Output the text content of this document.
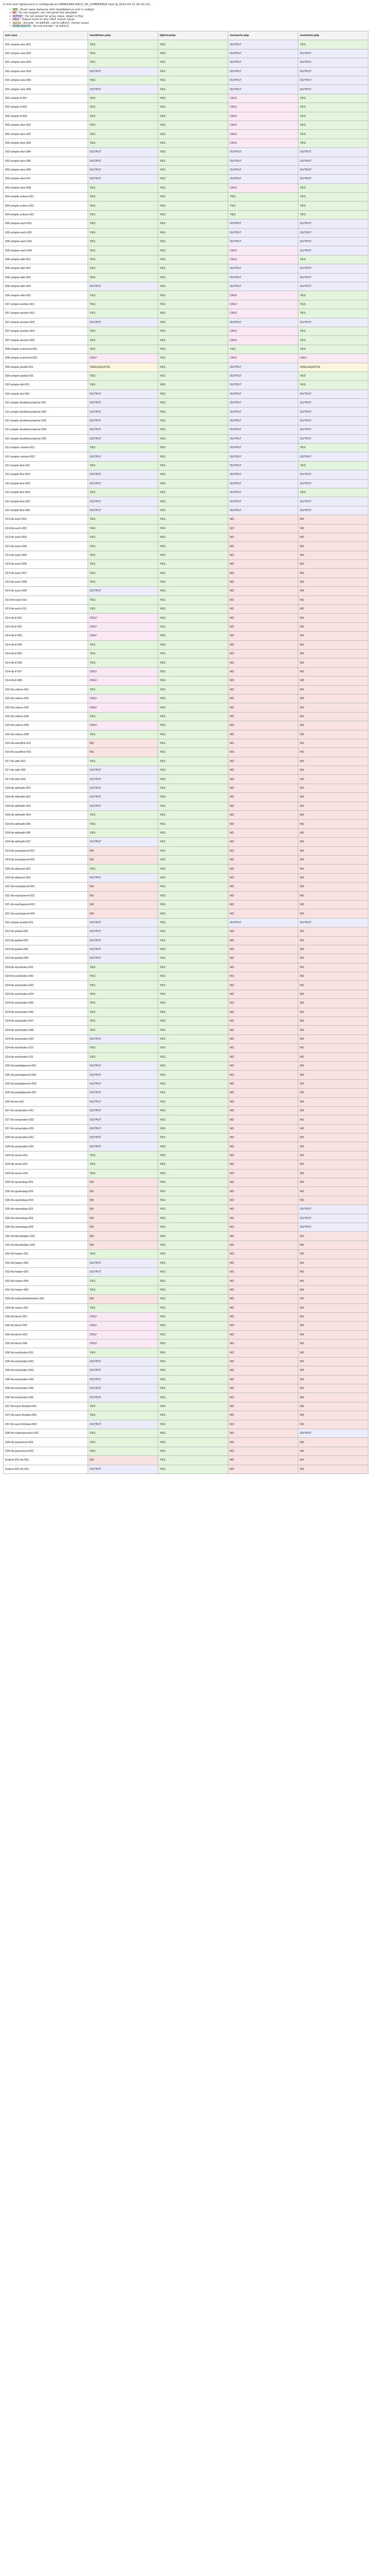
In this test lightly.ascii is configured as HANDLERS.ASCII_US_COMPATIBLE (last @ 2022-03-21 05:20:12)
• YES : Exact same behavior with handlebars.js (not in nodejs)
• NO : Do not support; can not parse the template
• OUTPUT : Do not output for array value, object is fine
• CRLF : Output more or less CRLF (minor issue)
• quote : Encode ' to &#039;, not to &#x27; (minor issue)
• DOUBLEQUOTE : Do not encode " to &#x22;
test case	handlebars.php	lightncandy	mustache.php	mustache.php
001-simple-vars-001	YES	YES	OUTPUT	YES
001-simple-vars-002	YES	YES	OUTPUT	OUTPUT
001-simple-vars-003	YES	YES	OUTPUT	OUTPUT
001-simple-vars-004	OUTPUT	YES	OUTPUT	OUTPUT
001-simple-vars-005	YES	YES	OUTPUT	OUTPUT
001-simple-vars-006	OUTPUT	YES	OUTPUT	OUTPUT
002-simple-if-001	YES	YES	CRLF	YES
002-simple-if-002	YES	YES	CRLF	YES
002-simple-if-003	YES	YES	CRLF	YES
003-simple-else-001	YES	YES	CRLF	YES
003-simple-else-002	YES	YES	CRLF	YES
003-simple-else-003	YES	YES	CRLF	YES
003-simple-else-004	OUTPUT	YES	OUTPUT	OUTPUT
003-simple-else-005	OUTPUT	YES	OUTPUT	OUTPUT
003-simple-else-006	OUTPUT	YES	OUTPUT	OUTPUT
003-simple-else-007	OUTPUT	YES	OUTPUT	OUTPUT
003-simple-else-008	YES	YES	CRLF	YES
004-simple-unless-001	YES	YES	YES	YES
004-simple-unless-002	YES	YES	YES	YES
004-simple-unless-003	YES	YES	YES	YES
005-simple-each-001	YES	YES	OUTPUT	OUTPUT
005-simple-each-002	YES	YES	OUTPUT	OUTPUT
005-simple-each-003	YES	YES	OUTPUT	OUTPUT
005-simple-each-004	YES	YES	CRLF	OUTPUT
006-simple-with-001	YES	YES	CRLF	YES
006-simple-with-002	YES	YES	OUTPUT	OUTPUT
006-simple-with-003	YES	YES	OUTPUT	OUTPUT
006-simple-with-004	OUTPUT	YES	OUTPUT	OUTPUT
006-simple-with-005	YES	YES	CRLF	YES
007-simple-section-001	YES	YES	CRLF	YES
007-simple-section-002	YES	YES	CRLF	YES
007-simple-section-003	OUTPUT	YES	OUTPUT	OUTPUT
007-simple-section-004	YES	YES	CRLF	YES
007-simple-section-005	YES	YES	CRLF	YES
008-simple-comment-001	YES	YES	YES	YES
008-simple-comment-002	CRLF	YES	CRLF	CRLF
009-simple-partial-001	SINGLEQUOTE	YES	OUTPUT	SINGLEQUOTE
009-simple-partial-002	YES	YES	OUTPUT	YES
010-simple-dot-001	YES	YES	OUTPUT	YES
010-simple-dot-002	OUTPUT	YES	OUTPUT	OUTPUT
011-simple-doublemustache-001	OUTPUT	YES	OUTPUT	OUTPUT
011-simple-doublemustache-002	OUTPUT	YES	OUTPUT	OUTPUT
011-simple-doublemustache-003	OUTPUT	YES	OUTPUT	OUTPUT
011-simple-doublemustache-004	OUTPUT	YES	OUTPUT	OUTPUT
011-simple-doublemustache-005	OUTPUT	YES	OUTPUT	OUTPUT
012-simple-context-001	YES	YES	OUTPUT	YES
012-simple-context-002	OUTPUT	YES	OUTPUT	OUTPUT
012-simple-this-001	YES	YES	OUTPUT	YES
012-simple-this-002	OUTPUT	YES	OUTPUT	OUTPUT
012-simple-this-003	OUTPUT	YES	OUTPUT	OUTPUT
012-simple-this-004	YES	YES	OUTPUT	YES
012-simple-this-005	OUTPUT	YES	OUTPUT	OUTPUT
012-simple-this-006	OUTPUT	YES	OUTPUT	OUTPUT
013-hb-each-001	YES	YES	NO	NO
013-hb-each-002	YES	YES	NO	NO
013-hb-each-003	YES	YES	NO	NO
013-hb-each-004	YES	YES	NO	NO
013-hb-each-005	YES	YES	NO	NO
013-hb-each-006	YES	YES	NO	NO
013-hb-each-007	YES	YES	NO	NO
013-hb-each-008	YES	YES	NO	NO
013-hb-each-009	OUTPUT	YES	NO	NO
013-hb-each-010	YES	YES	NO	NO
013-hb-each-011	YES	YES	NO	NO
014-hb-if-001	CRLF	YES	NO	NO
014-hb-if-002	CRLF	YES	NO	NO
014-hb-if-003	CRLF	YES	NO	NO
014-hb-if-004	YES	YES	NO	NO
014-hb-if-005	YES	YES	NO	NO
014-hb-if-006	YES	YES	NO	NO
014-hb-if-007	CRLF	YES	NO	NO
014-hb-if-008	CRLF	YES	NO	NO
015-hb-unless-001	YES	YES	NO	NO
015-hb-unless-002	CRLF	YES	NO	NO
015-hb-unless-003	CRLF	YES	NO	NO
015-hb-unless-004	YES	YES	NO	NO
015-hb-unless-005	CRLF	YES	NO	NO
015-hb-unless-006	YES	YES	NO	NO
016-hb-eachthis-001	NO	YES	NO	NO
016-hb-eachthis-002	NO	YES	NO	NO
017-hb-with-001	YES	YES	NO	NO
017-hb-with-002	OUTPUT	YES	NO	NO
017-hb-with-003	OUTPUT	YES	NO	NO
018-hb-withwith-001	OUTPUT	YES	NO	NO
018-hb-withwith-002	OUTPUT	YES	NO	NO
018-hb-withwith-003	OUTPUT	YES	NO	NO
018-hb-withwith-004	YES	YES	NO	NO
018-hb-withwith-005	YES	YES	NO	NO
018-hb-withwith-006	YES	YES	NO	NO
018-hb-withwith-007	OUTPUT	YES	NO	NO
019-hb-eachparent-001	NO	YES	NO	NO
019-hb-eachparent-002	NO	YES	NO	NO
020-hb-doteach-001	YES	YES	NO	NO
020-hb-doteach-002	OUTPUT	YES	NO	NO
021-hb-eachparent-001	NO	YES	NO	NO
021-hb-eachparent-002	NO	YES	NO	NO
021-hb-eachparent-003	NO	YES	NO	NO
021-hb-eachparent-004	NO	YES	NO	NO
022-simple-partial-001	OUTPUT	YES	OUTPUT	OUTPUT
022-hb-partial-001	OUTPUT	YES	NO	NO
022-hb-partial-002	OUTPUT	YES	NO	NO
022-hb-partial-003	OUTPUT	YES	NO	NO
022-hb-partial-004	OUTPUT	YES	NO	NO
024-hb-eachindex-001	YES	YES	NO	NO
024-hb-eachindex-002	YES	YES	NO	NO
024-hb-eachindex-003	YES	YES	NO	NO
024-hb-eachindex-004	YES	YES	NO	NO
024-hb-eachindex-005	YES	YES	NO	NO
024-hb-eachindex-006	YES	YES	NO	NO
024-hb-eachindex-007	YES	YES	NO	NO
024-hb-eachindex-008	YES	YES	NO	NO
024-hb-eachindex-009	OUTPUT	YES	NO	NO
024-hb-eachindex-010	YES	YES	NO	NO
024-hb-eachindex-011	YES	YES	NO	NO
025-hb-partialparent-001	OUTPUT	YES	NO	NO
025-hb-partialparent-002	OUTPUT	YES	NO	NO
025-hb-partialparent-003	OUTPUT	YES	NO	NO
026-hb-partialparam-001	OUTPUT	YES	NO	NO
026-hb-len-001	OUTPUT	YES	NO	NO
027-hb-arrayindex-001	OUTPUT	YES	NO	NO
027-hb-arrayindex-002	OUTPUT	YES	NO	NO
027-hb-arrayindex-003	OUTPUT	YES	NO	NO
028-hb-arrayindex-001	OUTPUT	YES	NO	NO
028-hb-arrayindex-002	OUTPUT	YES	NO	NO
029-hb-arrow-001	YES	YES	NO	NO
029-hb-arrow-002	YES	YES	NO	NO
029-hb-arrow-003	YES	YES	NO	NO
030-hb-quotedarg-001	NO	YES	NO	NO
030-hb-quotedarg-002	NO	YES	NO	NO
030-hb-quotedarg-003	NO	YES	NO	NO
030-hb-namedarg-001	NO	YES	NO	OUTPUT
030-hb-namedarg-002	NO	YES	NO	OUTPUT
030-hb-namedarg-003	NO	YES	NO	OUTPUT
031-hb-blockhelper-001	NO	YES	NO	NO
031-hb-blockhelper-002	NO	YES	NO	NO
032-hb-helper-001	YES	YES	NO	NO
032-hb-helper-002	OUTPUT	YES	NO	NO
032-hb-helper-003	OUTPUT	YES	NO	NO
032-hb-helper-004	YES	YES	NO	NO
032-hb-helper-005	YES	YES	NO	NO
033-hb-extendeddelimiters-001	NO	YES	NO	NO
034-hb-noesc-001	YES	YES	NO	NO
035-hb-block-001	CRLF	YES	NO	NO
035-hb-block-002	CRLF	YES	NO	NO
035-hb-block-003	CRLF	YES	NO	NO
035-hb-block-004	CRLF	YES	NO	NO
036-hb-eachindex-001	YES	YES	NO	NO
036-hb-eachindex-002	OUTPUT	YES	NO	NO
036-hb-eachindex-003	OUTPUT	YES	NO	NO
036-hb-eachindex-004	OUTPUT	YES	NO	NO
036-hb-eachindex-005	OUTPUT	YES	NO	NO
036-hb-eachindex-006	OUTPUT	YES	NO	NO
037-hb-each-firstlast-001	YES	YES	NO	NO
037-hb-each-firstlast-002	YES	YES	NO	NO
037-hb-each-firstlast-003	OUTPUT	YES	NO	NO
038-hb-subexpression-001	YES	YES	NO	OUTPUT
039-hb-parentroot-001	YES	YES	NO	NO
039-hb-parentroot-002	YES	YES	NO	NO
funtest-001-hb-001	NO	YES	NO	NO
funtest-002-hb-001	OUTPUT	YES	NO	NO
